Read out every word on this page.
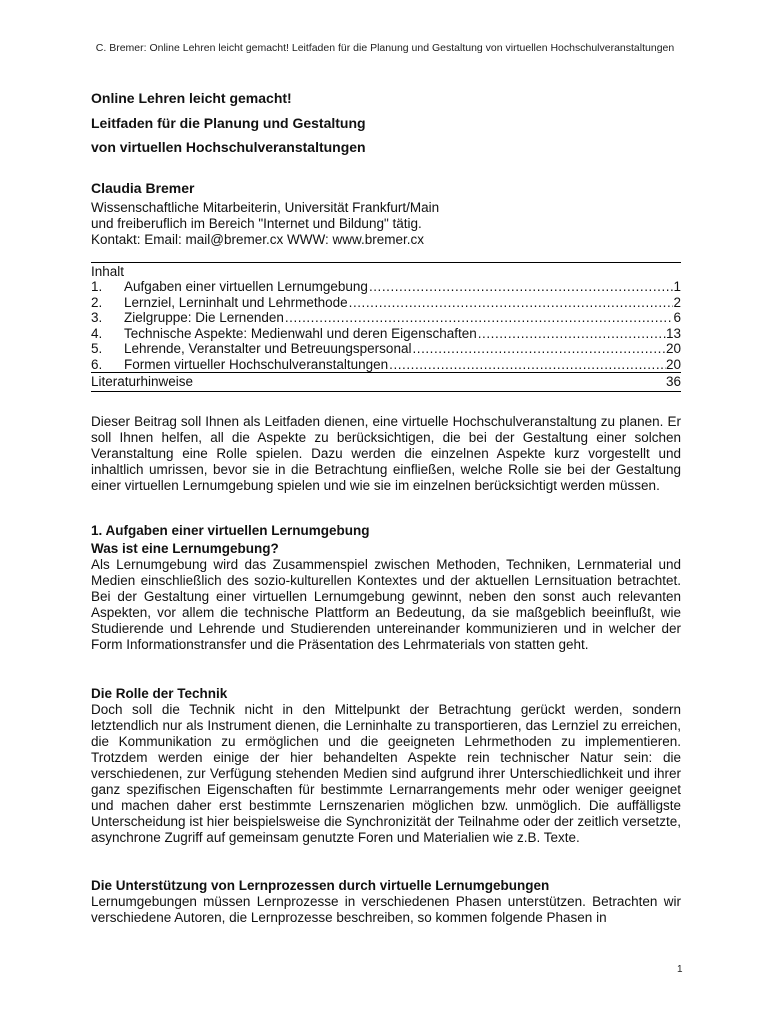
C. Bremer: Online Lehren leicht gemacht! Leitfaden für die Planung und Gestaltung von virtuellen Hochschulveranstaltungen

Online Lehren leicht gemacht!

Leitfaden für die Planung und Gestaltung

von virtuellen Hochschulveranstaltungen

Claudia Bremer

Wissenschaftliche Mitarbeiterin, Universität Frankfurt/Main

und freiberuflich im Bereich "Internet und Bildung" tätig.

Kontakt: Email: mail@bremer.cx WWW: www.bremer.cx

Inhalt

1.	Aufgaben einer virtuellen Lernumgebung . . .	1
2.	Lernziel, Lerninhalt und Lehrmethode . . .	2
3.	Zielgruppe: Die Lernenden . . .	6
4.	Technische Aspekte: Medienwahl und deren Eigenschaften . . .	13
5.	Lehrende, Veranstalter und Betreuungspersonal . . .	20
6.	Formen virtueller Hochschulveranstaltungen . . .	20
Literaturhinweise	36

Dieser Beitrag soll Ihnen als Leitfaden dienen, eine virtuelle Hochschulveranstaltung zu planen. Er soll Ihnen helfen, all die Aspekte zu berücksichtigen, die bei der Gestaltung einer solchen Veranstaltung eine Rolle spielen. Dazu werden die einzelnen Aspekte kurz vorgestellt und inhaltlich umrissen, bevor sie in die Betrachtung einfließen, welche Rolle sie bei der Gestaltung einer virtuellen Lernumgebung spielen und wie sie im einzelnen berücksichtigt werden müssen.

1. Aufgaben einer virtuellen Lernumgebung
Was ist eine Lernumgebung?

Als Lernumgebung wird das Zusammenspiel zwischen Methoden, Techniken, Lernmaterial und Medien einschließlich des sozio-kulturellen Kontextes und der aktuellen Lernsituation betrachtet. Bei der Gestaltung einer virtuellen Lernumgebung gewinnt, neben den sonst auch relevanten Aspekten, vor allem die technische Plattform an Bedeutung, da sie maßgeblich beeinflußt, wie Studierende und Lehrende und Studierenden untereinander kommunizieren und in welcher der Form Informationstransfer und die Präsentation des Lehrmaterials von statten geht.

Die Rolle der Technik

Doch soll die Technik nicht in den Mittelpunkt der Betrachtung gerückt werden, sondern letztendlich nur als Instrument dienen, die Lerninhalte zu transportieren, das Lernziel zu erreichen, die Kommunikation zu ermöglichen und die geeigneten Lehrmethoden zu implementieren. Trotzdem werden einige der hier behandelten Aspekte rein technischer Natur sein: die verschiedenen, zur Verfügung stehenden Medien sind aufgrund ihrer Unterschiedlichkeit und ihrer ganz spezifischen Eigenschaften für bestimmte Lernarrangements mehr oder weniger geeignet und machen daher erst bestimmte Lernszenarien möglichen bzw. unmöglich. Die auffälligste Unterscheidung ist hier beispielsweise die Synchronizität der Teilnahme oder der zeitlich versetzte, asynchrone Zugriff auf gemeinsam genutzte Foren und Materialien wie z.B. Texte.

Die Unterstützung von Lernprozessen durch virtuelle Lernumgebungen

Lernumgebungen müssen Lernprozesse in verschiedenen Phasen unterstützen. Betrachten wir verschiedene Autoren, die Lernprozesse beschreiben, so kommen folgende Phasen in

1
